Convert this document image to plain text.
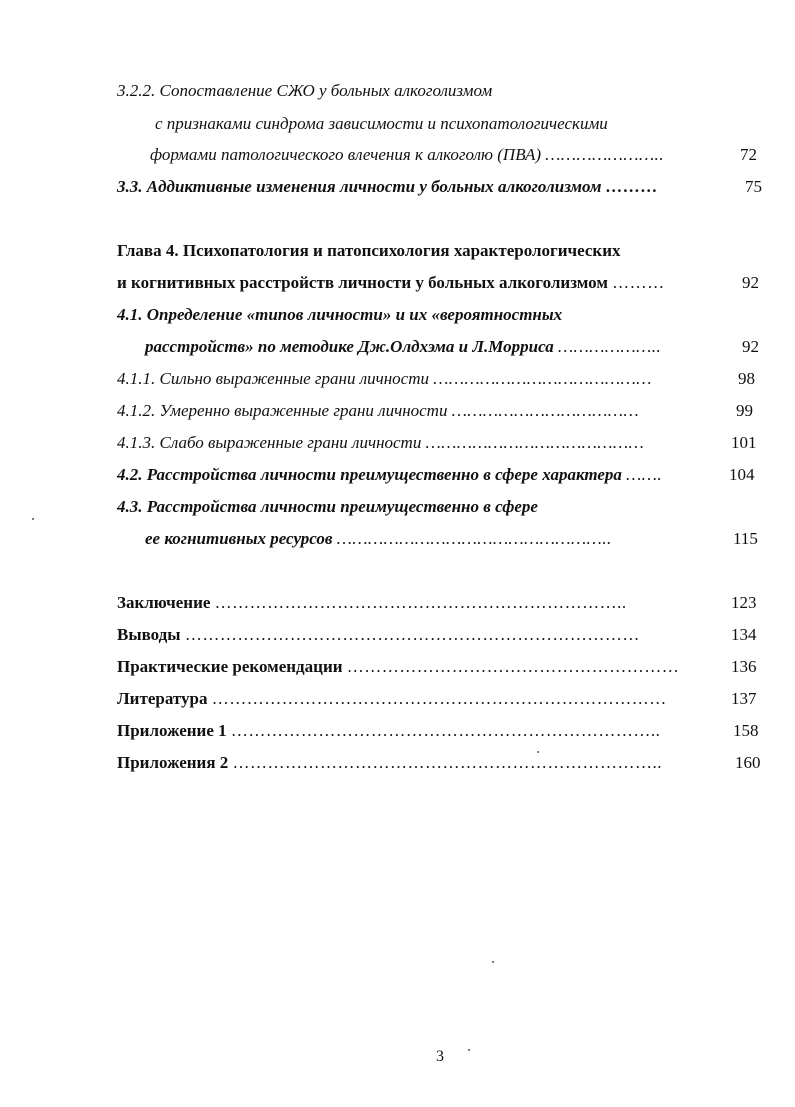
3.2.2. Сопоставление СЖО у больных алкоголизмом
с признаками синдрома зависимости и психопатологическими
формами патологического влечения к алкоголю (ПВА) …………………..	72
3.3. Аддиктивные изменения личности у больных алкоголизмом ………	75
Глава 4. Психопатология и патопсихология характерологических
и когнитивных расстройств личности у больных алкоголизмом ………	92
4.1. Определение «типов личности» и их «вероятностных
расстройств» по методике Дж.Олдхэма и Л.Морриса ………………..	92
4.1.1. Сильно выраженные грани личности ……………………………………	98
4.1.2. Умеренно выраженные грани личности ………………………………	99
4.1.3. Слабо выраженные грани личности ……………………………………	101
4.2. Расстройства личности преимущественно в сфере характера …….	104
4.3. Расстройства личности преимущественно в сфере
ее когнитивных ресурсов ……………………………………………..	115
Заключение ……………………………………………………………..	123
Выводы ……………………………………………………………………	134
Практические рекомендации …………………………………………………	136
Литература ……………………………………………………………………	137
Приложение 1 ………………………………………………………………..	158
Приложения 2 ………………………………………………………………..	160
3
